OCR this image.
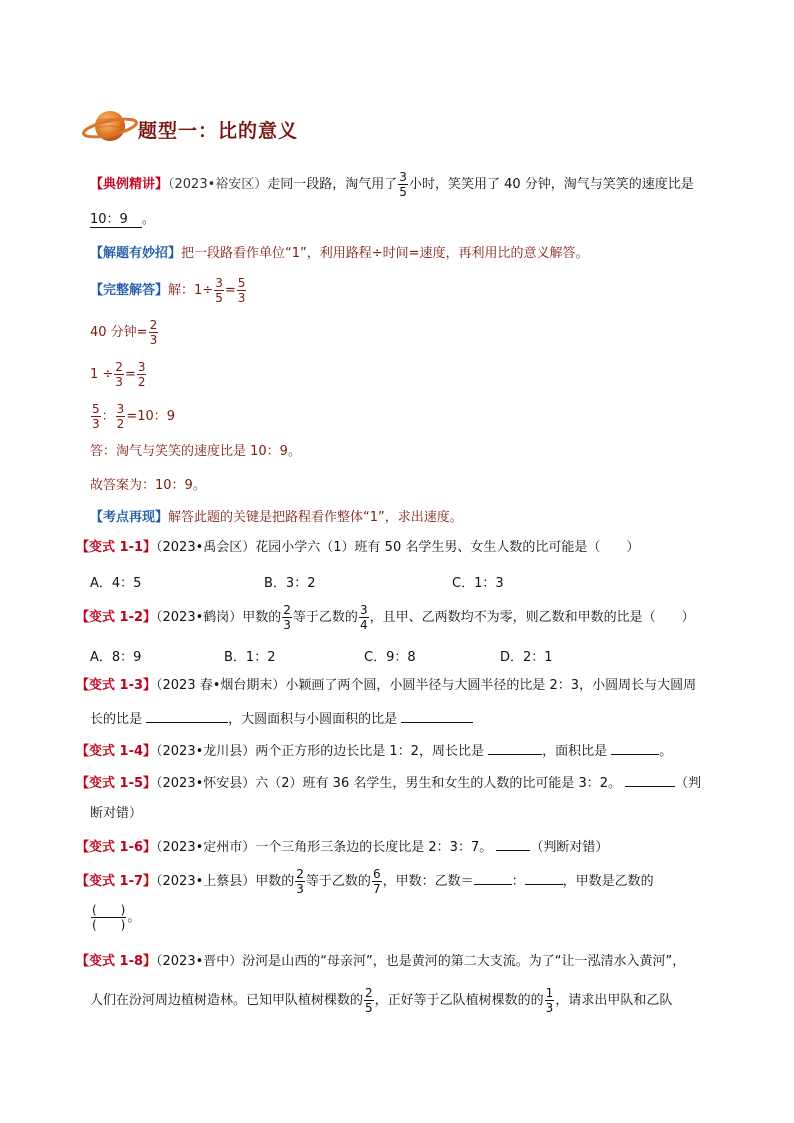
题型一：比的意义
【典例精讲】（2023•裕安区）走同一段路，淘气用了 $\frac{3}{5}$ 小时，笑笑用了 40 分钟，淘气与笑笑的速度比是
10：9 。
【解题有妙招】把一段路看作单位“1”，利用路程÷时间=速度，再利用比的意义解答。
【完整解答】解：$1\div \frac{3}{5} = \frac{5}{3}$
40 分钟= $\frac{2}{3}$
$1 \div \frac{2}{3} = \frac{3}{2}$
$\frac{5}{3}$ ： $\frac{3}{2} =10$：9
答：淘气与笑笑的速度比是 10：9。
故答案为：10：9。
【考点再现】解答此题的关键是把路程看作整体“1”，求出速度。
【变式 1-1】（2023•禹会区）花园小学六（1）班有 50 名学生男、女生人数的比可能是（　　）
A．4：5	B．3：2	C．1：3
【变式 1-2】（2023•鹤岗）甲数的 $\frac{2}{3}$ 等于乙数的 $\frac{3}{4}$ ，且甲、乙两数均不为零，则乙数和甲数的比是（　　）
A．8：9	B．1：2	C．9：8	D．2：1
【变式 1-3】（2023 春•烟台期末）小颖画了两个圆，小圆半径与大圆半径的比是 2：3，小圆周长与大圆周
长的比是	，大圆面积与小圆面积的比是
【变式 1-4】（2023•龙川县）两个正方形的边长比是 1：2，周长比是	，面积比是	。
【变式 1-5】（2023•怀安县）六（2）班有 36 名学生，男生和女生的人数的比可能是 3：2。	（判
断对错）
【变式 1-6】（2023•定州市）一个三角形三条边的长度比是 2：3：7。	（判断对错）
【变式 1-7】（2023•上蔡县）甲数的 $\frac{2}{3}$ 等于乙数的 $\frac{6}{7}$ ，甲数：乙数＝	：	，甲数是乙数的
$\frac{( )}{( )}$ 。
【变式 1-8】（2023•晋中）汾河是山西的“母亲河”，也是黄河的第二大支流。为了“让一泓清水入黄河”，
人们在汾河周边植树造林。已知甲队植树棵数的 $\frac{2}{5}$ ，正好等于乙队植树棵数的的 $\frac{1}{3}$ ，请求出甲队和乙队
